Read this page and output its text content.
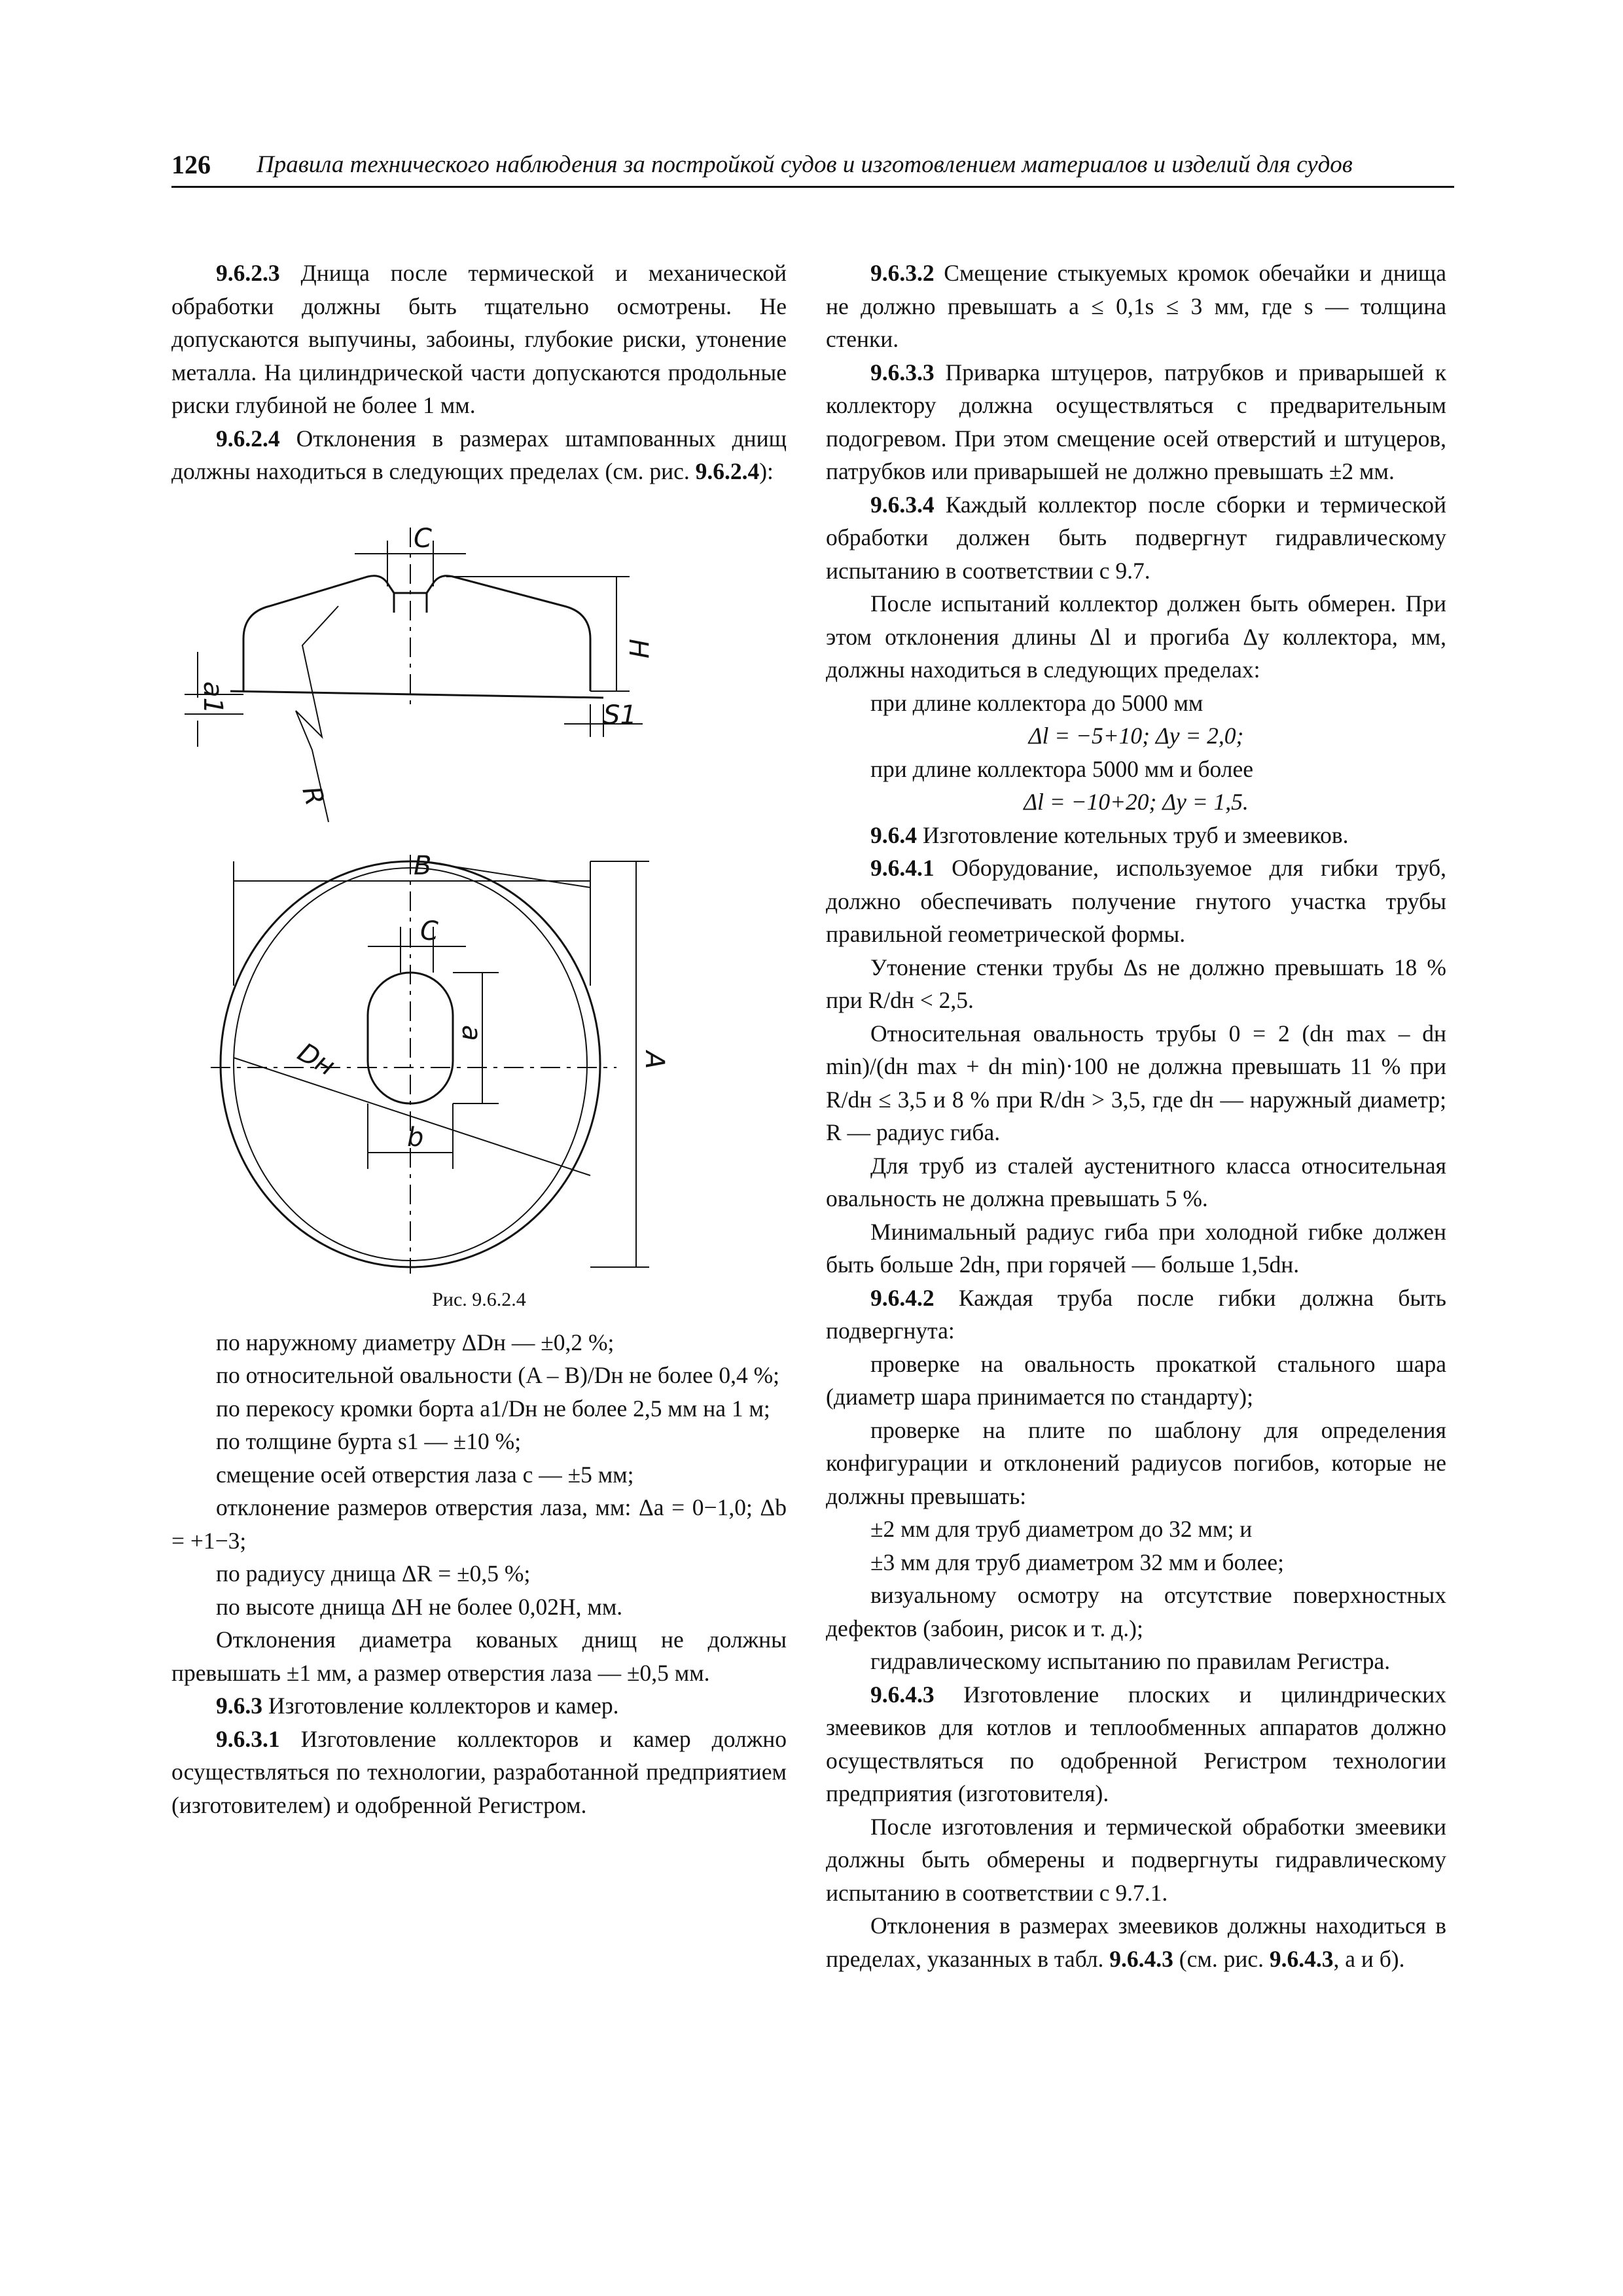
126 Правила технического наблюдения за постройкой судов и изготовлением материалов и изделий для судов

9.6.2.3 Днища после термической и механической обработки должны быть тщательно осмотрены. Не допускаются выпучины, забоины, глубокие риски, утонение металла. На цилиндрической части допускаются продольные риски глубиной не более 1 мм.

9.6.2.4 Отклонения в размерах штампованных днищ должны находиться в следующих пределах (см. рис. 9.6.2.4):

C
a1
H
S1
R
B
C
Dн
a
A
b
Рис. 9.6.2.4

по наружному диаметру ΔDн — ±0,2 %;

по относительной овальности (A – B)/Dн не более 0,4 %;

по перекосу кромки борта a1/Dн не более 2,5 мм на 1 м;

по толщине бурта s1 — ±10 %;

смещение осей отверстия лаза c — ±5 мм;

отклонение размеров отверстия лаза, мм: Δa = 0−1,0; Δb = +1−3;

по радиусу днища ΔR = ±0,5 %;

по высоте днища ΔH не более 0,02H, мм.

Отклонения диаметра кованых днищ не должны превышать ±1 мм, а размер отверстия лаза — ±0,5 мм.

9.6.3 Изготовление коллекторов и камер.

9.6.3.1 Изготовление коллекторов и камер должно осуществляться по технологии, разработанной предприятием (изготовителем) и одобренной Регистром.

9.6.3.2 Смещение стыкуемых кромок обечайки и днища не должно превышать a ≤ 0,1s ≤ 3 мм, где s — толщина стенки.

9.6.3.3 Приварка штуцеров, патрубков и приварышей к коллектору должна осуществляться с предварительным подогревом. При этом смещение осей отверстий и штуцеров, патрубков или приварышей не должно превышать ±2 мм.

9.6.3.4 Каждый коллектор после сборки и термической обработки должен быть подвергнут гидравлическому испытанию в соответствии с 9.7.

После испытаний коллектор должен быть обмерен. При этом отклонения длины Δl и прогиба Δy коллектора, мм, должны находиться в следующих пределах:

при длине коллектора до 5000 мм

Δl = −5+10; Δy = 2,0;

при длине коллектора 5000 мм и более

Δl = −10+20; Δy = 1,5.

9.6.4 Изготовление котельных труб и змеевиков.

9.6.4.1 Оборудование, используемое для гибки труб, должно обеспечивать получение гнутого участка трубы правильной геометрической формы.

Утонение стенки трубы Δs не должно превышать 18 % при R/dн < 2,5.

Относительная овальность трубы 0 = 2 (dн max – dн min)/(dн max + dн min)·100 не должна превышать 11 % при R/dн ≤ 3,5 и 8 % при R/dн > 3,5, где dн — наружный диаметр; R — радиус гиба.

Для труб из сталей аустенитного класса относительная овальность не должна превышать 5 %.

Минимальный радиус гиба при холодной гибке должен быть больше 2dн, при горячей — больше 1,5dн.

9.6.4.2 Каждая труба после гибки должна быть подвергнута:

проверке на овальность прокаткой стального шара (диаметр шара принимается по стандарту);

проверке на плите по шаблону для определения конфигурации и отклонений радиусов погибов, которые не должны превышать:

±2 мм для труб диаметром до 32 мм; и

±3 мм для труб диаметром 32 мм и более;

визуальному осмотру на отсутствие поверхностных дефектов (забоин, рисок и т. д.);

гидравлическому испытанию по правилам Регистра.

9.6.4.3 Изготовление плоских и цилиндрических змеевиков для котлов и теплообменных аппаратов должно осуществляться по одобренной Регистром технологии предприятия (изготовителя).

После изготовления и термической обработки змеевики должны быть обмерены и подвергнуты гидравлическому испытанию в соответствии с 9.7.1.

Отклонения в размерах змеевиков должны находиться в пределах, указанных в табл. 9.6.4.3 (см. рис. 9.6.4.3, а и б).
